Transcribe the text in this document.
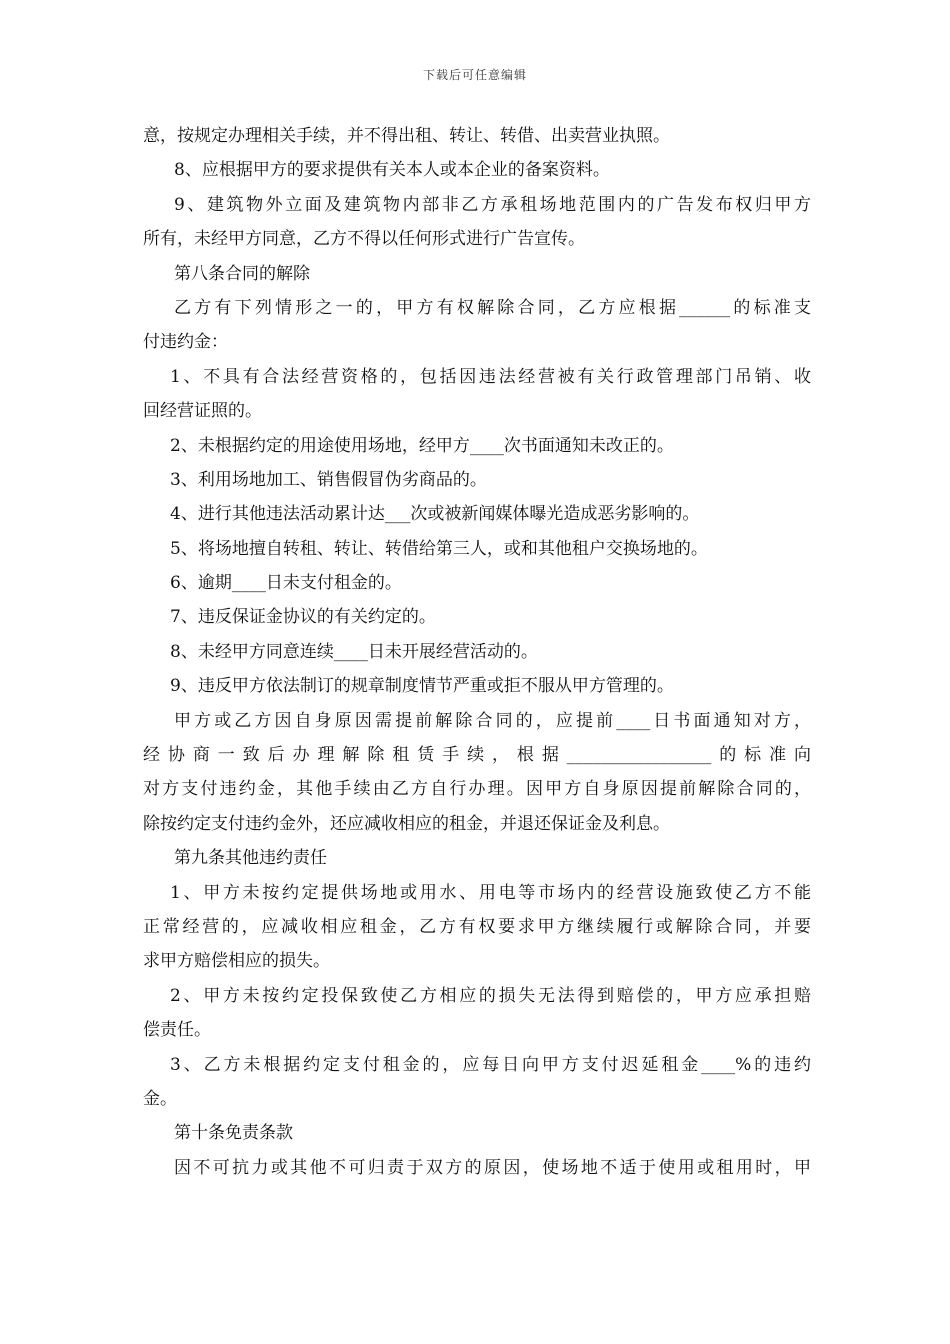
下载后可任意编辑
意，按规定办理相关手续，并不得出租、转让、转借、出卖营业执照。
8、应根据甲方的要求提供有关本人或本企业的备案资料。
9、建筑物外立面及建筑物内部非乙方承租场地范围内的广告发布权归甲方
所有，未经甲方同意，乙方不得以任何形式进行广告宣传。
第八条合同的解除
乙方有下列情形之一的，甲方有权解除合同，乙方应根据______的标准支
付违约金：
1、不具有合法经营资格的，包括因违法经营被有关行政管理部门吊销、收
回经营证照的。
2、未根据约定的用途使用场地，经甲方____次书面通知未改正的。
3、利用场地加工、销售假冒伪劣商品的。
4、进行其他违法活动累计达___次或被新闻媒体曝光造成恶劣影响的。
5、将场地擅自转租、转让、转借给第三人，或和其他租户交换场地的。
6、逾期____日未支付租金的。
7、违反保证金协议的有关约定的。
8、未经甲方同意连续____日未开展经营活动的。
9、违反甲方依法制订的规章制度情节严重或拒不服从甲方管理的。
甲方或乙方因自身原因需提前解除合同的，应提前____日书面通知对方，
经协商一致后办理解除租赁手续，根据_________________的标准向
对方支付违约金，其他手续由乙方自行办理。因甲方自身原因提前解除合同的，
除按约定支付违约金外，还应减收相应的租金，并退还保证金及利息。
第九条其他违约责任
1、甲方未按约定提供场地或用水、用电等市场内的经营设施致使乙方不能
正常经营的，应减收相应租金，乙方有权要求甲方继续履行或解除合同，并要
求甲方赔偿相应的损失。
2、甲方未按约定投保致使乙方相应的损失无法得到赔偿的，甲方应承担赔
偿责任。
3、乙方未根据约定支付租金的，应每日向甲方支付迟延租金____%的违约
金。
第十条免责条款
因不可抗力或其他不可归责于双方的原因，使场地不适于使用或租用时，甲
